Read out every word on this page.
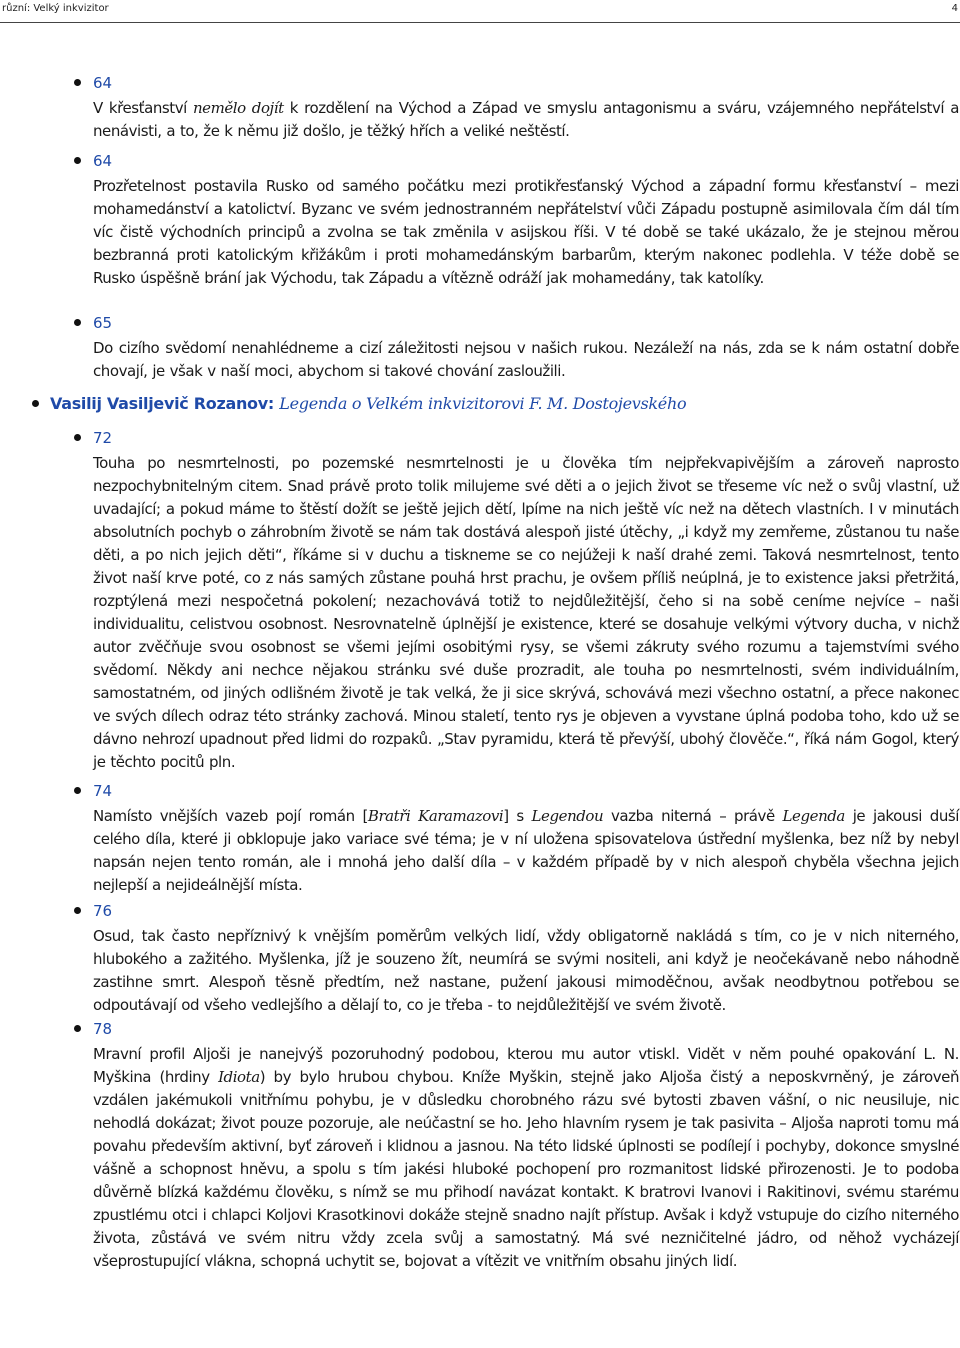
různí: Velký inkvizitor	4
64
V křesťanství nemělo dojít k rozdělení na Východ a Západ ve smyslu antagonismu a sváru, vzájemného nepřátelství a nenávisti, a to, že k němu již došlo, je těžký hřích a veliké neštěstí.
64
Prozřetelnost postavila Rusko od samého počátku mezi protikřesťanský Východ a západní formu křesťanství – mezi mohamedánství a katolictví. Byzanc ve svém jednostranném nepřátelství vůči Západu postupně asimilovala čím dál tím víc čistě východních principů a zvolna se tak změnila v asijskou říši. V té době se také ukázalo, že je stejnou měrou bezbranná proti katolickým křižákům i proti mohamedánským barbarům, kterým nakonec podlehla. V téže době se Rusko úspěšně brání jak Východu, tak Západu a vítězně odráží jak mohamedány, tak katolíky.
65
Do cizího svědomí nenahlédneme a cizí záležitosti nejsou v našich rukou. Nezáleží na nás, zda se k nám ostatní dobře chovají, je však v naší moci, abychom si takové chování zasloužili.
Vasilij Vasiljevič Rozanov: Legenda o Velkém inkvizitorovi F. M. Dostojevského
72
Touha po nesmrtelnosti, po pozemské nesmrtelnosti je u člověka tím nejpřekvapivějším a zároveň naprosto nezpochybnitelným citem. Snad právě proto tolik milujeme své děti a o jejich život se třeseme víc než o svůj vlastní, už uvadající; a pokud máme to štěstí dožít se ještě jejich dětí, lpíme na nich ještě víc než na dětech vlastních. I v minutách absolutních pochyb o záhrobním životě se nám tak dostává alespoň jisté útěchy, „i když my zemřeme, zůstanou tu naše děti, a po nich jejich děti“, říkáme si v duchu a tiskneme se co nejúžeji k naší drahé zemi. Taková nesmrtelnost, tento život naší krve poté, co z nás samých zůstane pouhá hrst prachu, je ovšem příliš neúplná, je to existence jaksi přetržitá, rozptýlená mezi nespočetná pokolení; nezachovává totiž to nejdůležitější, čeho si na sobě ceníme nejvíce – naši individualitu, celistvou osobnost. Nesrovnatelně úplnější je existence, které se dosahuje velkými výtvory ducha, v nichž autor zvěčňuje svou osobnost se všemi jejími osobitými rysy, se všemi zákruty svého rozumu a tajemstvími svého svědomí. Někdy ani nechce nějakou stránku své duše prozradit, ale touha po nesmrtelnosti, svém individuálním, samostatném, od jiných odlišném životě je tak velká, že ji sice skrývá, schovává mezi všechno ostatní, a přece nakonec ve svých dílech odraz této stránky zachová. Minou staletí, tento rys je objeven a vyvstane úplná podoba toho, kdo už se dávno nehrozí upadnout před lidmi do rozpaků. „Stav pyramidu, která tě převýší, ubohý člověče.“, říká nám Gogol, který je těchto pocitů pln.
74
Namísto vnějších vazeb pojí román [Bratři Karamazovi] s Legendou vazba niterná – právě Legenda je jakousi duší celého díla, které ji obklopuje jako variace své téma; je v ní uložena spisovatelova ústřední myšlenka, bez níž by nebyl napsán nejen tento román, ale i mnohá jeho další díla – v každém případě by v nich alespoň chyběla všechna jejich nejlepší a nejideálnější místa.
76
Osud, tak často nepříznivý k vnějším poměrům velkých lidí, vždy obligatorně nakládá s tím, co je v nich niterného, hlubokého a zažitého. Myšlenka, jíž je souzeno žít, neumírá se svými nositeli, ani když je neočekávaně nebo náhodně zastihne smrt. Alespoň těsně předtím, než nastane, pužení jakousi mimoděčnou, avšak neodbytnou potřebou se odpoutávají od všeho vedlejšího a dělají to, co je třeba - to nejdůležitější ve svém životě.
78
Mravní profil Aljoši je nanejvýš pozoruhodný podobou, kterou mu autor vtiskl. Vidět v něm pouhé opakování L. N. Myškina (hrdiny Idiota) by bylo hrubou chybou. Kníže Myškin, stejně jako Aljoša čistý a neposkvrněný, je zároveň vzdálen jakémukoli vnitřnímu pohybu, je v důsledku chorobného rázu své bytosti zbaven vášní, o nic neusiluje, nic nehodlá dokázat; život pouze pozoruje, ale neúčastní se ho. Jeho hlavním rysem je tak pasivita – Aljoša naproti tomu má povahu především aktivní, byť zároveň i klidnou a jasnou. Na této lidské úplnosti se podílejí i pochyby, dokonce smyslné vášně a schopnost hněvu, a spolu s tím jakési hluboké pochopení pro rozmanitost lidské přirozenosti. Je to podoba důvěrně blízká každému člověku, s nímž se mu přihodí navázat kontakt. K bratrovi Ivanovi i Rakitinovi, svému starému zpustlému otci i chlapci Koljovi Krasotkinovi dokáže stejně snadno najít přístup. Avšak i když vstupuje do cizího niterného života, zůstává ve svém nitru vždy zcela svůj a samostatný. Má své nezničitelné jádro, od něhož vycházejí všeprostupující vlákna, schopná uchytit se, bojovat a vítězit ve vnitřním obsahu jiných lidí.
